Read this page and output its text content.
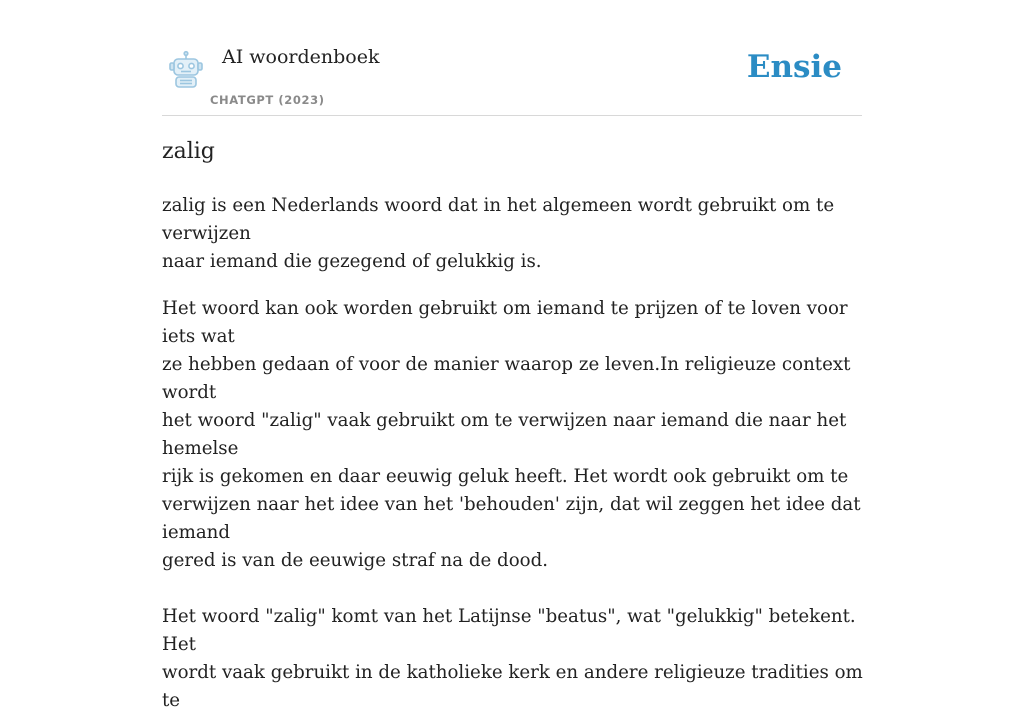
AI woordenboek
CHATGPT (2023)
Ensie
zalig

zalig is een Nederlands woord dat in het algemeen wordt gebruikt om te verwijzen
naar iemand die gezegend of gelukkig is.

Het woord kan ook worden gebruikt om iemand te prijzen of te loven voor iets wat
ze hebben gedaan of voor de manier waarop ze leven.In religieuze context wordt
het woord "zalig" vaak gebruikt om te verwijzen naar iemand die naar het hemelse
rijk is gekomen en daar eeuwig geluk heeft. Het wordt ook gebruikt om te
verwijzen naar het idee van het 'behouden' zijn, dat wil zeggen het idee dat iemand
gered is van de eeuwige straf na de dood.

Het woord "zalig" komt van het Latijnse "beatus", wat "gelukkig" betekent. Het
wordt vaak gebruikt in de katholieke kerk en andere religieuze tradities om te
